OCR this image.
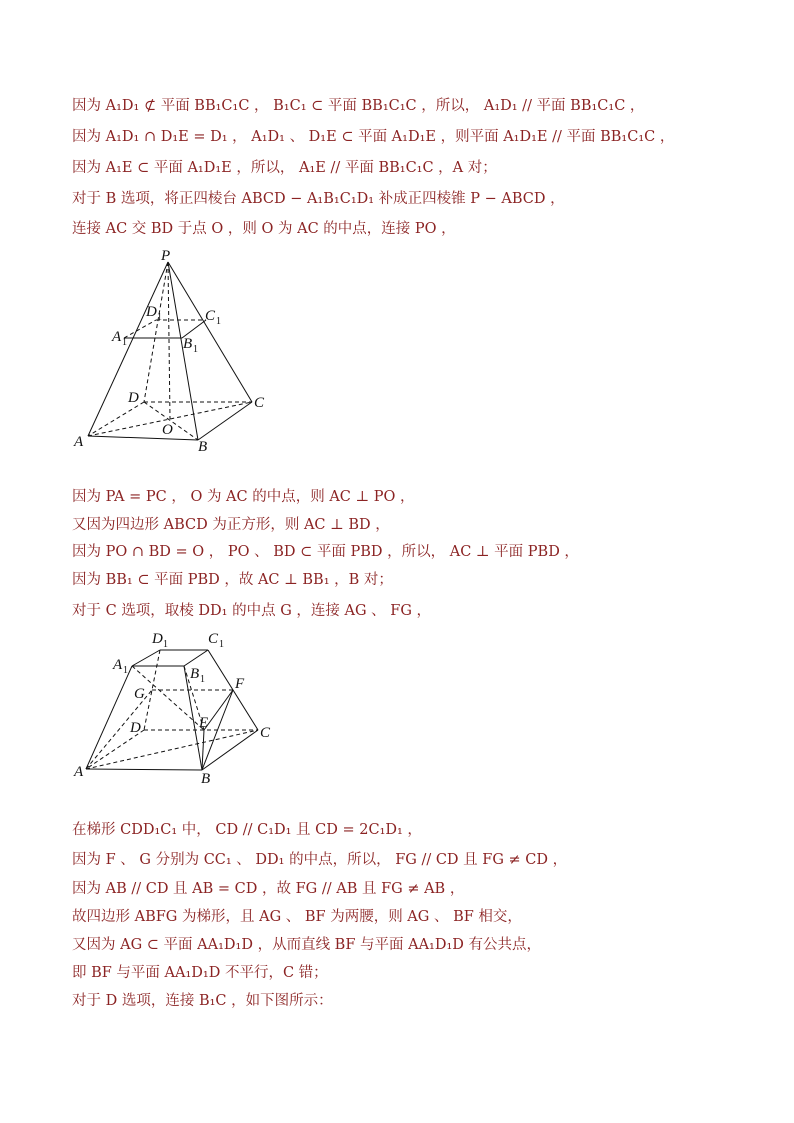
因为 A₁D₁ ⊄ 平面 BB₁C₁C ， B₁C₁ ⊂ 平面 BB₁C₁C ，所以， A₁D₁ // 平面 BB₁C₁C ，
因为 A₁D₁ ∩ D₁E = D₁ ， A₁D₁ 、 D₁E ⊂ 平面 A₁D₁E ，则平面 A₁D₁E // 平面 BB₁C₁C ，
因为 A₁E ⊂ 平面 A₁D₁E ，所以， A₁E // 平面 BB₁C₁C ，A 对；
对于 B 选项，将正四棱台 ABCD − A₁B₁C₁D₁ 补成正四棱锥 P − ABCD ，
连接 AC 交 BD 于点 O ，则 O 为 AC 的中点，连接 PO ，
P
D 1	C 1
A 1	B 1
D	C
A
O
B
因为 PA = PC ， O 为 AC 的中点，则 AC ⊥ PO ，
又因为四边形 ABCD 为正方形，则 AC ⊥ BD ，
因为 PO ∩ BD = O ， PO 、 BD ⊂ 平面 PBD ，所以， AC ⊥ 平面 PBD ，
因为 BB₁ ⊂ 平面 PBD ，故 AC ⊥ BB₁ ，B 对；
对于 C 选项，取棱 DD₁ 的中点 G ，连接 AG 、 FG ，
D 1	C 1
A 1	B 1
G
F
D	E
C
A	B
在梯形 CDD₁C₁ 中， CD // C₁D₁ 且 CD = 2C₁D₁ ，
因为 F 、 G 分别为 CC₁ 、 DD₁ 的中点，所以， FG // CD 且 FG ≠ CD ，
因为 AB // CD 且 AB = CD ，故 FG // AB 且 FG ≠ AB ，
故四边形 ABFG 为梯形，且 AG 、 BF 为两腰，则 AG 、 BF 相交，
又因为 AG ⊂ 平面 AA₁D₁D ，从而直线 BF 与平面 AA₁D₁D 有公共点，
即 BF 与平面 AA₁D₁D 不平行，C 错；
对于 D 选项，连接 B₁C ，如下图所示：
